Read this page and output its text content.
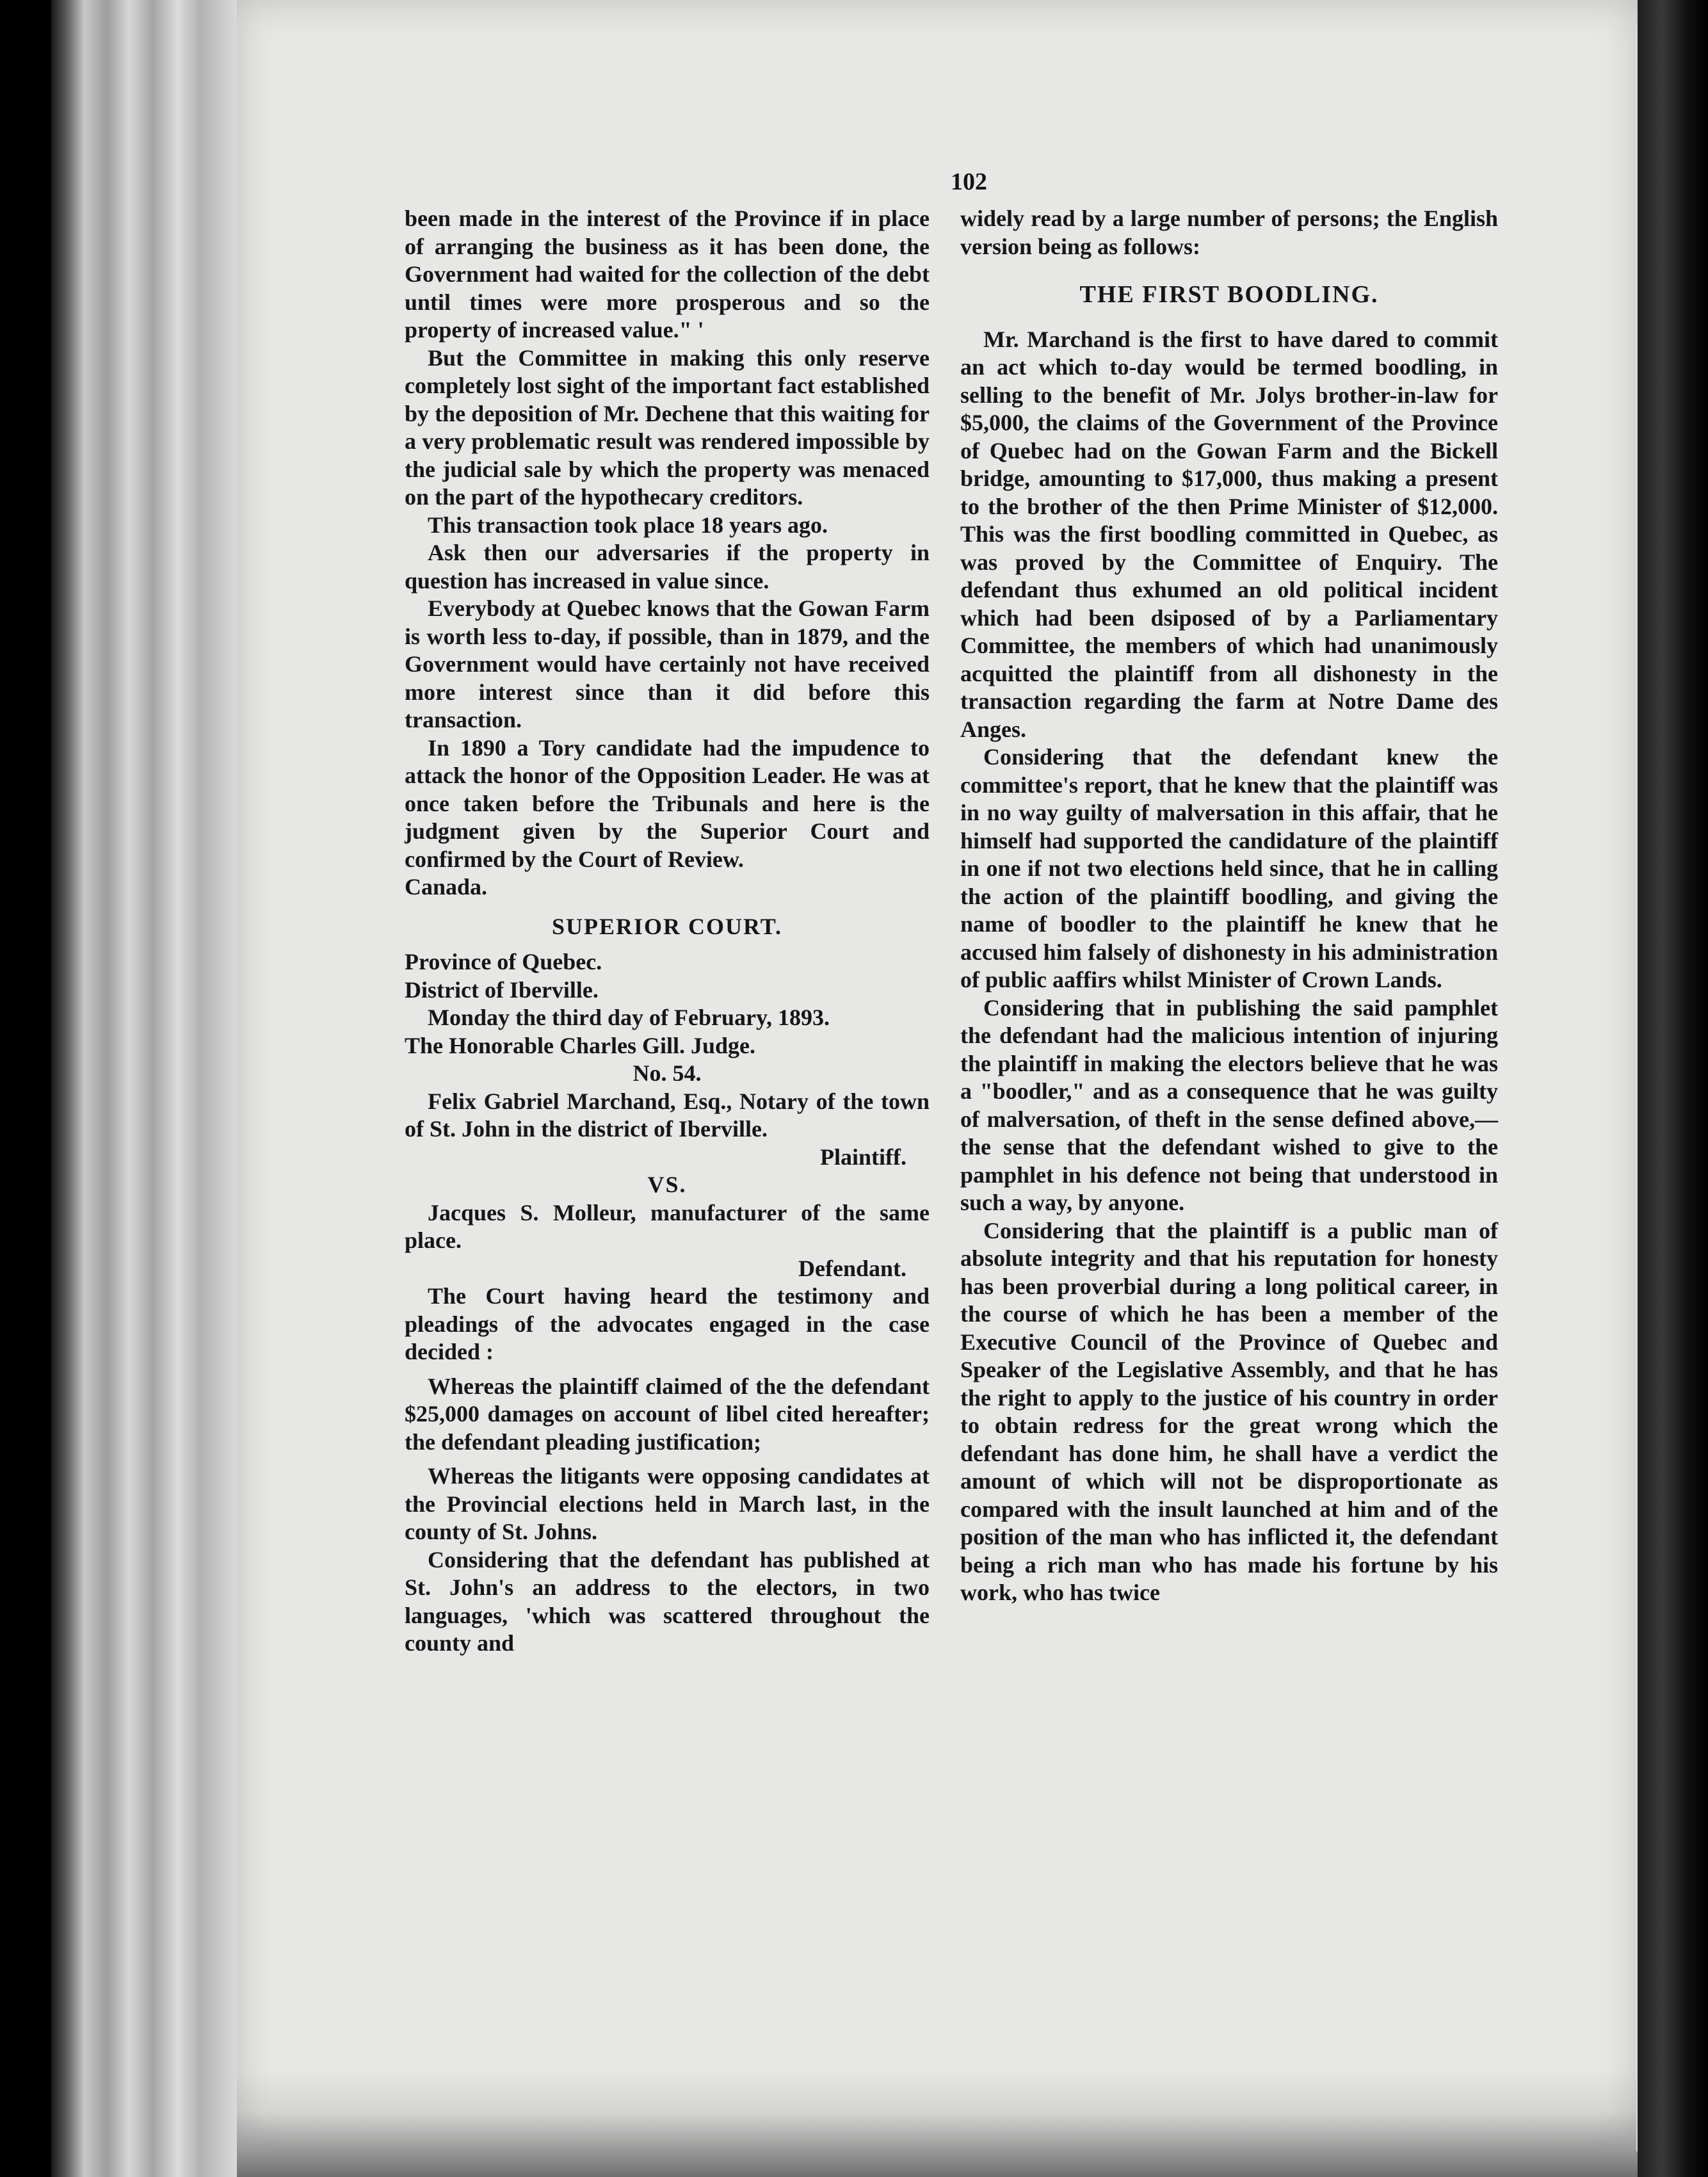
102

been made in the interest of the Province if in place of arranging the business as it has been done, the Government had waited for the collection of the debt until times were more prosperous and so the property of increased value." '

But the Committee in making this only reserve completely lost sight of the important fact established by the deposition of Mr. Dechene that this waiting for a very problematic result was rendered impossible by the judicial sale by which the property was menaced on the part of the hypothecary creditors.

This transaction took place 18 years ago.

Ask then our adversaries if the property in question has increased in value since.

Everybody at Quebec knows that the Gowan Farm is worth less to-day, if possible, than in 1879, and the Government would have certainly not have received more interest since than it did before this transaction.

In 1890 a Tory candidate had the impudence to attack the honor of the Opposition Leader. He was at once taken before the Tribunals and here is the judgment given by the Superior Court and confirmed by the Court of Review.

Canada.

SUPERIOR COURT.

Province of Quebec.

District of Iberville.

Monday the third day of February, 1893.

The Honorable Charles Gill. Judge.

No. 54.

Felix Gabriel Marchand, Esq., Notary of the town of St. John in the district of Iberville.

Plaintiff.

VS.

Jacques S. Molleur, manufacturer of the same place.

Defendant.

The Court having heard the testimony and pleadings of the advocates engaged in the case decided :

Whereas the plaintiff claimed of the the defendant $25,000 damages on account of libel cited hereafter; the defendant pleading justification;

Whereas the litigants were opposing candidates at the Provincial elections held in March last, in the county of St. Johns.

Considering that the defendant has published at St. John's an address to the electors, in two languages, 'which was scattered throughout the county and

widely read by a large number of persons; the English version being as follows:

THE FIRST BOODLING.

Mr. Marchand is the first to have dared to commit an act which to-day would be termed boodling, in selling to the benefit of Mr. Jolys brother-in-law for $5,000, the claims of the Government of the Province of Quebec had on the Gowan Farm and the Bickell bridge, amounting to $17,000, thus making a present to the brother of the then Prime Minister of $12,000. This was the first boodling committed in Quebec, as was proved by the Committee of Enquiry. The defendant thus exhumed an old political incident which had been dsiposed of by a Parliamentary Committee, the members of which had unanimously acquitted the plaintiff from all dishonesty in the transaction regarding the farm at Notre Dame des Anges.

Considering that the defendant knew the committee's report, that he knew that the plaintiff was in no way guilty of malversation in this affair, that he himself had supported the candidature of the plaintiff in one if not two elections held since, that he in calling the action of the plaintiff boodling, and giving the name of boodler to the plaintiff he knew that he accused him falsely of dishonesty in his administration of public aaffirs whilst Minister of Crown Lands.

Considering that in publishing the said pamphlet the defendant had the malicious intention of injuring the plaintiff in making the electors believe that he was a "boodler," and as a consequence that he was guilty of malversation, of theft in the sense defined above,—the sense that the defendant wished to give to the pamphlet in his defence not being that understood in such a way, by anyone.

Considering that the plaintiff is a public man of absolute integrity and that his reputation for honesty has been proverbial during a long political career, in the course of which he has been a member of the Executive Council of the Province of Quebec and Speaker of the Legislative Assembly, and that he has the right to apply to the justice of his country in order to obtain redress for the great wrong which the defendant has done him, he shall have a verdict the amount of which will not be disproportionate as compared with the insult launched at him and of the position of the man who has inflicted it, the defendant being a rich man who has made his fortune by his work, who has twice
